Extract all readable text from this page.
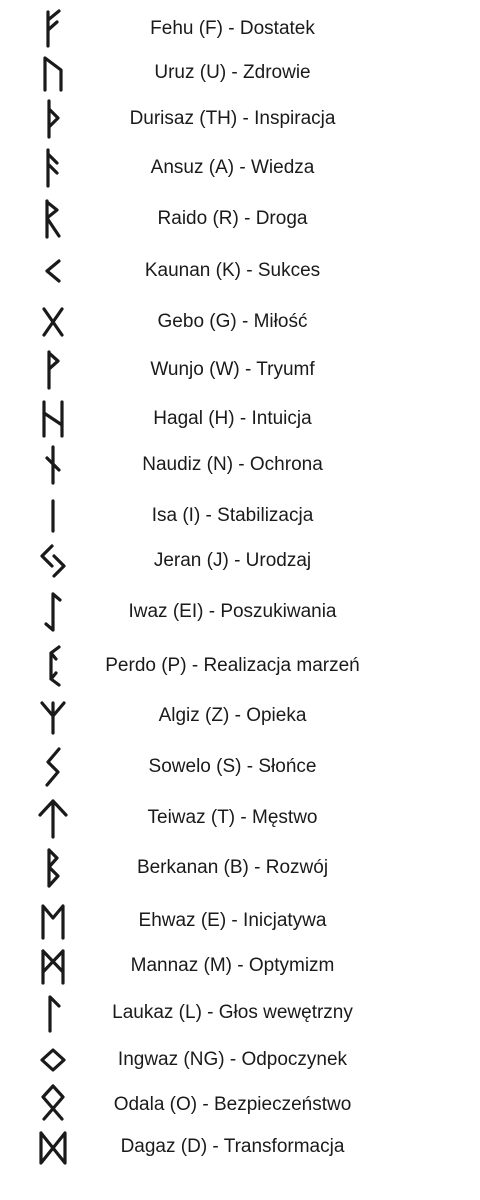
Fehu (F) - Dostatek
Uruz (U) - Zdrowie
Durisaz (TH) - Inspiracja
Ansuz (A) - Wiedza
Raido (R) - Droga
Kaunan (K) - Sukces
Gebo (G) - Miłość
Wunjo (W) - Tryumf
Hagal (H) - Intuicja
Naudiz (N) - Ochrona
Isa (I) - Stabilizacja
Jeran (J) - Urodzaj
Iwaz (EI) - Poszukiwania
Perdo (P) - Realizacja marzeń
Algiz (Z) - Opieka
Sowelo (S) - Słońce
Teiwaz (T) - Męstwo
Berkanan (B) - Rozwój
Ehwaz (E) - Inicjatywa
Mannaz (M) - Optymizm
Laukaz (L) - Głos wewętrzny
Ingwaz (NG) - Odpoczynek
Odala (O) - Bezpieczeństwo
Dagaz (D) - Transformacja
